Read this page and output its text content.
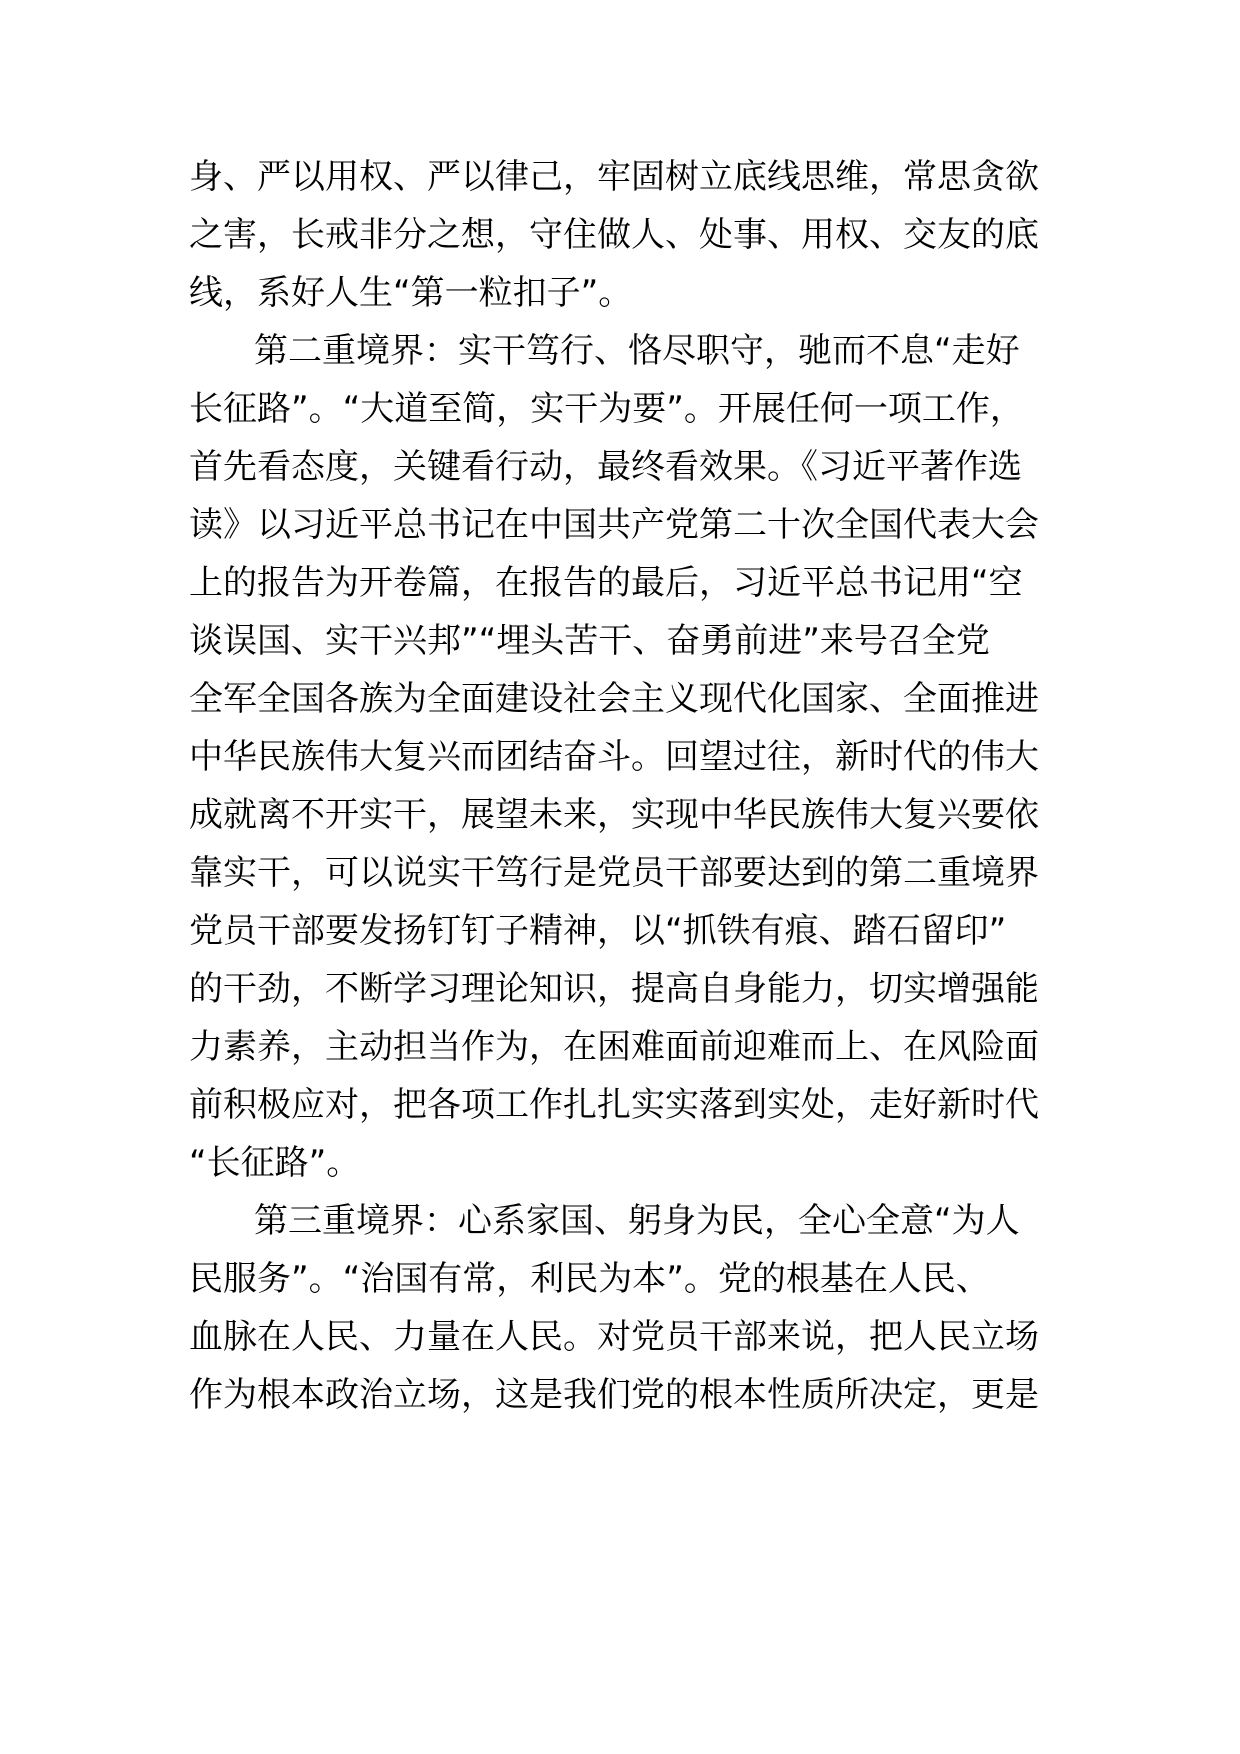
身、严以用权、严以律己，牢固树立底线思维，常思贪欲
之害，长戒非分之想，守住做人、处事、用权、交友的底
线，系好人生“第一粒扣子”。
第二重境界：实干笃行、恪尽职守，驰而不息“走好
长征路”。“大道至简，实干为要”。开展任何一项工作，
首先看态度，关键看行动，最终看效果。《习近平著作选
读》以习近平总书记在中国共产党第二十次全国代表大会
上的报告为开卷篇，在报告的最后，习近平总书记用“空
谈误国、实干兴邦”“埋头苦干、奋勇前进”来号召全党
全军全国各族为全面建设社会主义现代化国家、全面推进
中华民族伟大复兴而团结奋斗。回望过往，新时代的伟大
成就离不开实干，展望未来，实现中华民族伟大复兴要依
靠实干，可以说实干笃行是党员干部要达到的第二重境界
党员干部要发扬钉钉子精神，以“抓铁有痕、踏石留印”
的干劲，不断学习理论知识，提高自身能力，切实增强能
力素养，主动担当作为，在困难面前迎难而上、在风险面
前积极应对，把各项工作扎扎实实落到实处，走好新时代
“长征路”。
第三重境界：心系家国、躬身为民，全心全意“为人
民服务”。“治国有常，利民为本”。党的根基在人民、
血脉在人民、力量在人民。对党员干部来说，把人民立场
作为根本政治立场，这是我们党的根本性质所决定，更是
